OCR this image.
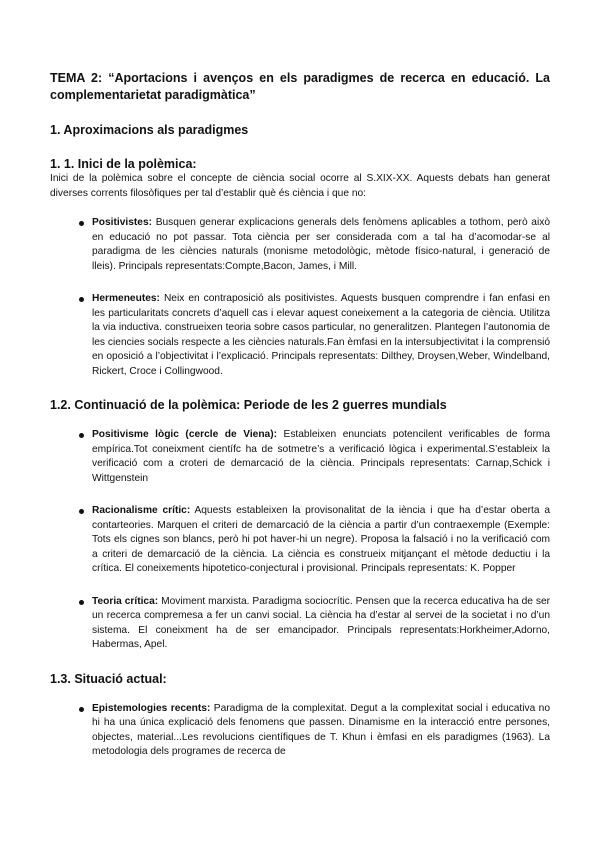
TEMA 2: “Aportacions i avenços en els paradigmes de recerca en educació. La complementarietat paradigmàtica”

1. Aproximacions als paradigmes

1. 1. Inici de la polèmica:

Inici de la polèmica sobre el concepte de ciència social ocorre al S.XIX-XX. Aquests debats han generat diverses corrents filosòfiques per tal d’establir què és ciència i que no:

Positivistes: Busquen generar explicacions generals dels fenòmens aplicables a tothom, però això en educació no pot passar. Tota ciència per ser considerada com a tal ha d’acomodar-se al paradigma de les ciències naturals (monisme metodològic, mètode físico-natural, i generació de lleis). Principals representats:Compte,Bacon, James, i Mill.
Hermeneutes: Neix en contraposició als positivistes. Aquests busquen comprendre i fan enfasi en les particularitats concrets d’aquell cas i elevar aquest coneixement a la categoria de ciència. Utilitza la via inductiva. construeixen teoria sobre casos particular, no generalitzen. Plantegen l’autonomia de les ciencies socials respecte a les ciències naturals.Fan èmfasi en la intersubjectivitat i la comprensió en oposició a l’objectivitat i l’explicació. Principals representats: Dilthey, Droysen,Weber, Windelband, Rickert, Croce i Collingwood.

1.2. Continuació de la polèmica: Periode de les 2 guerres mundials

Positivisme lògic (cercle de Viena): Estableixen enunciats potencilent verificables de forma empírica.Tot coneixment científc ha de sotmetre’s a verificació lògica i experimental.S’estableix la verificació com a croteri de demarcació de la ciència. Principals representats: Carnap,Schick i Wittgenstein
Racionalisme crític: Aquests estableixen la provisonalitat de la iència i que ha d’estar oberta a contarteories. Marquen el criteri de demarcació de la ciència a partir d’un contraexemple (Exemple: Tots els cignes son blancs, però hi pot haver-hi un negre). Proposa la falsació i no la verificació com a criteri de demarcació de la ciència. La ciència es construeix mitjançant el mètode deductiu i la crítica. El coneixements hipotetico-conjectural i provisional. Principals representats: K. Popper
Teoria crítica: Moviment marxista. Paradigma sociocrític. Pensen que la recerca educativa ha de ser un recerca compremesa a fer un canvi social. La ciència ha d’estar al servei de la societat i no d’un sistema. El coneixment ha de ser emancipador. Principals representats:Horkheimer,Adorno, Habermas, Apel.

1.3. Situació actual:

Epistemologies recents: Paradigma de la complexitat. Degut a la complexitat social i educativa no hi ha una única explicació dels fenomens que passen. Dinamisme en la interacció entre persones, objectes, material...Les revolucions científiques de T. Khun i èmfasi en els paradigmes (1963). La metodologia dels programes de recerca de
